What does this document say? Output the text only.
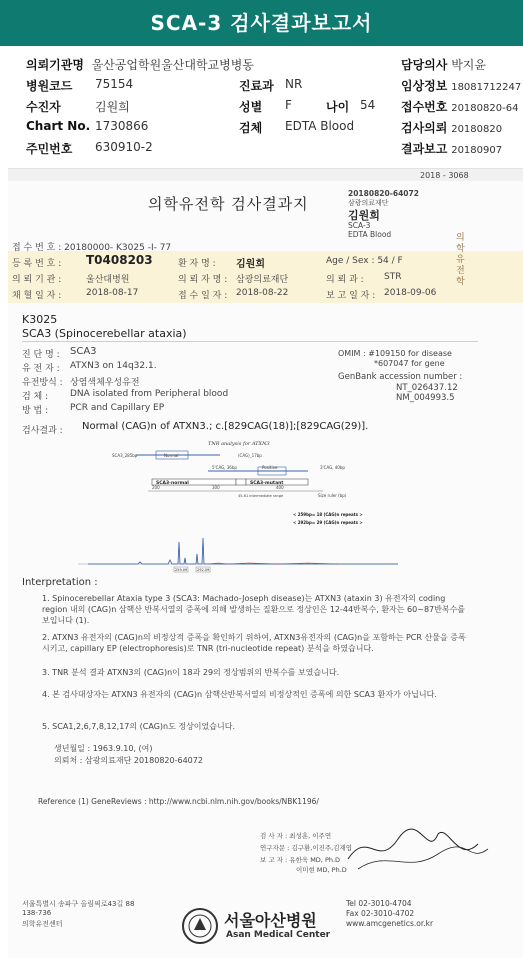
SCA-3 검사결과보고서
의뢰기관명 울산공업학원울산대학교병병동
병원코드 75154	진료과 NR
수진자	김원희	성별 F	나이 54
Chart No. 1730866	검체 EDTA Blood
주민번호 630910-2
담당의사 박지윤
임상정보 18081712247
접수번호 20180820-64
검사의뢰 20180820
결과보고 20180907
2018 - 3068
의학유전학 검사결과지
20180820-64072
삼광의료재단
김원희
SCA-3
EDTA Blood	의 학 유 전 학
접 수 번 호 : 20180000- K3025 -I- 77
등 록 번 호 : T0408203	환 자 명 : 김원희	Age / Sex : 54 / F
의 뢰 기 관 :	울산대병원	의 뢰 자 명 : 삼광의료재단	의 뢰 과 : STR
채 혈 일 자 :	2018-08-17	접 수 일 자 : 2018-08-22	보 고 일 자 : 2018-09-06
K3025
SCA3 (Spinocerebellar ataxia)
진 단 명 : SCA3
유 전 자 : ATXN3 on 14q32.1.
유전방식 : 상염색체우성유전
검 체 : DNA isolated from Peripheral blood
방 법 : PCR and Capillary EP
OMIM : #109150 for disease
*607047 for gene
GenBank accession number :
NT_026437.12
NM_004993.5
검사결과 : Normal (CAG)n of ATXN3.; c.[829CAG(18)];[829CAG(29)].
TNR analysis for ATXN3
SCA3_285bp	Normal	(CAG)_17bp
5'CAG, 36bp	Positive	3'CAG, 40bp
SCA3-normal	SCA3-mutant
200	300	400
Size ruler (bp)
45-61 intermediate range
< 259bp= 18 (CAG)n repeats >
< 292bp= 29 (CAG)n repeats >
259.09	292.09
Interpretation :
1. Spinocerebellar Ataxia type 3 (SCA3: Machado-Joseph disease)는 ATXN3 (ataxin 3) 유전자의 coding region 내의 (CAG)n 삼핵산 반복서열의 증폭에 의해 발생하는 질환으로 정상인은 12-44반복수, 환자는 60~87반복수를 보입니다 (1).
2. ATXN3 유전자의 (CAG)n의 비정상적 증폭을 확인하기 위하여, ATXN3유전자의 (CAG)n을 포함하는 PCR 산물을 증폭시키고, capillary EP (electrophoresis)로 TNR (tri-nucleotide repeat) 분석을 하였습니다.
3. TNR 분석 결과 ATXN3의 (CAG)n이 18과 29의 정상범위의 반복수를 보였습니다.
4. 본 검사대상자는 ATXN3 유전자의 (CAG)n 삼핵산반복서열의 비정상적인 증폭에 의한 SCA3 환자가 아닙니다.
5. SCA1,2,6,7,8,12,17의 (CAG)n도 정상이었습니다.
생년월일 : 1963.9.10, (여)
의뢰처 : 삼광의료재단 20180820-64072
Reference (1) GeneReviews : http://www.ncbi.nlm.nih.gov/books/NBK1196/
검 사 자 : 최성훈, 이주연
연구자문 : 김구환,이진주,김재엽
보 고 자 : 유한욱 MD, Ph.D
이미현 MD, Ph.D
서울특별시 송파구 올림픽로43길 88
138-736
의학유전센터
Tel 02-3010-4704
Fax 02-3010-4702
www.amcgenetics.or.kr
서울아산병원
Asan Medical Center
